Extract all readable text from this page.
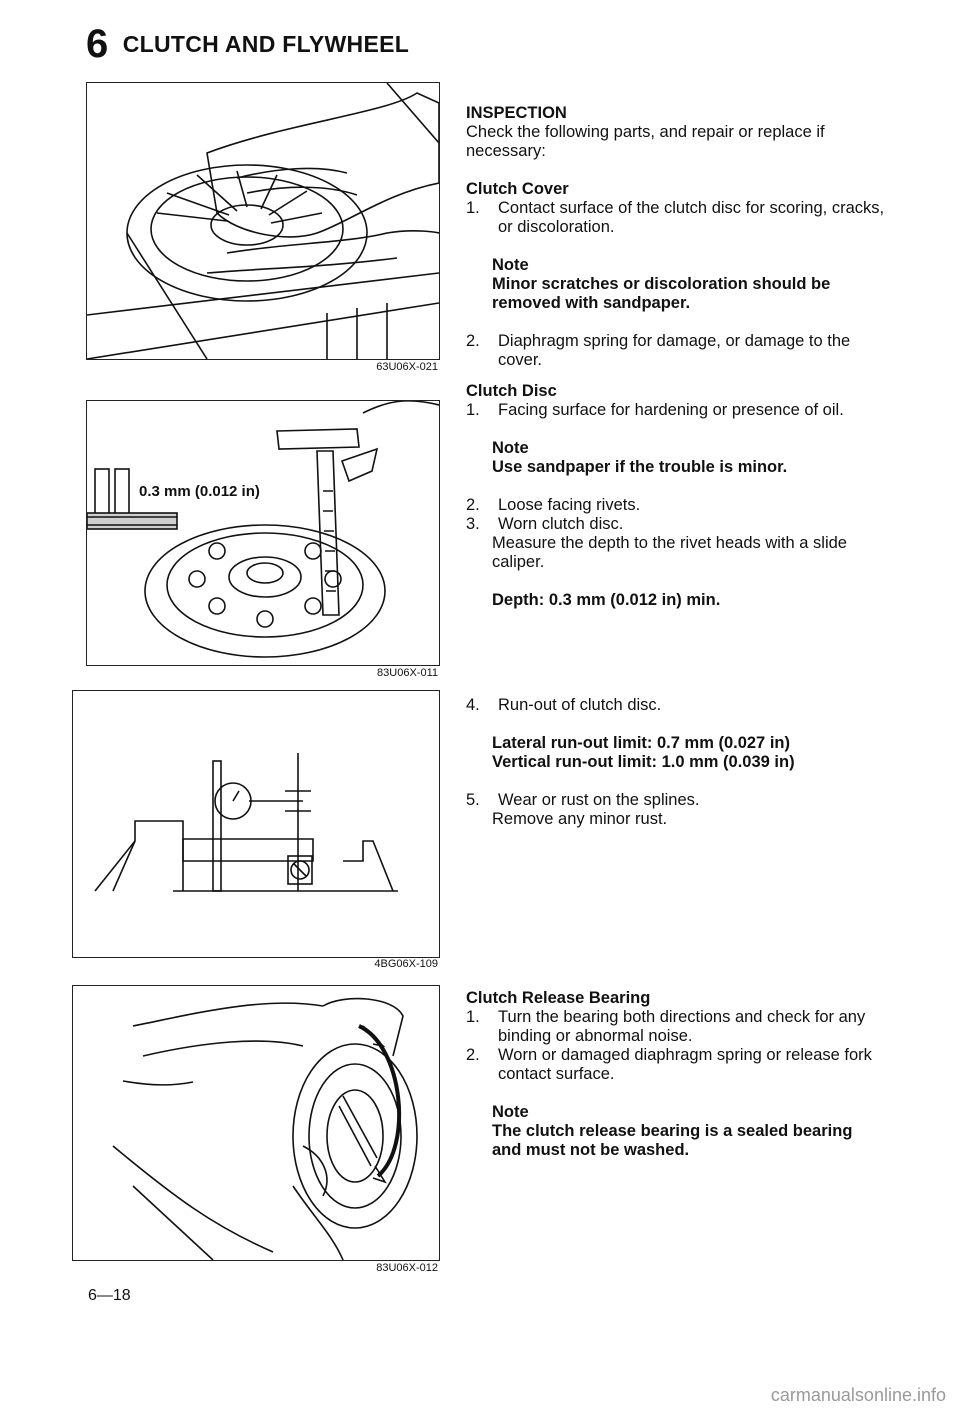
6 CLUTCH AND FLYWHEEL
63U06X-021
0.3 mm (0.012 in)
83U06X-011
4BG06X-109
83U06X-012

INSPECTION

Check the following parts, and repair or replace if necessary:

Clutch Cover

1.	Contact surface of the clutch disc for scoring, cracks, or discoloration.

Note

Minor scratches or discoloration should be removed with sandpaper.

2.	Diaphragm spring for damage, or damage to the cover.

Clutch Disc

1.	Facing surface for hardening or presence of oil.

Note

Use sandpaper if the trouble is minor.

2.	Loose facing rivets.
3.	Worn clutch disc.

Measure the depth to the rivet heads with a slide caliper.

Depth: 0.3 mm (0.012 in) min.

4.	Run-out of clutch disc.

Lateral run-out limit: 0.7 mm (0.027 in)

Vertical run-out limit: 1.0 mm (0.039 in)

5.	Wear or rust on the splines.

Remove any minor rust.

Clutch Release Bearing

1.	Turn the bearing both directions and check for any binding or abnormal noise.
2.	Worn or damaged diaphragm spring or release fork contact surface.

Note

The clutch release bearing is a sealed bearing and must not be washed.

6—18
carmanualsonline.info
